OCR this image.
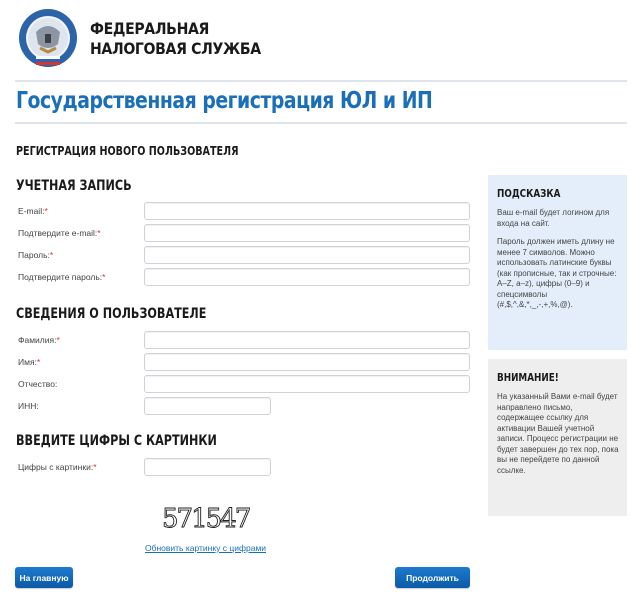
ФЕДЕРАЛЬНАЯ
НАЛОГОВАЯ СЛУЖБА
Государственная регистрация ЮЛ и ИП
РЕГИСТРАЦИЯ НОВОГО ПОЛЬЗОВАТЕЛЯ
УЧЕТНАЯ ЗАПИСЬ
E-mail:*
Подтвердите e-mail:*
Пароль:*
Подтвердите пароль:*
СВЕДЕНИЯ О ПОЛЬЗОВАТЕЛЕ
Фамилия:*
Имя:*
Отчество:
ИНН:
ВВЕДИТЕ ЦИФРЫ С КАРТИНКИ
Цифры с картинки:*
571547
Обновить картинку с цифрами
На главную	Продолжить
ПОДСКАЗКА

Ваш e-mail будет логином для входа на сайт.

Пароль должен иметь длину не менее 7 символов. Можно использовать латинские буквы (как прописные, так и строчные: A–Z, a–z), цифры (0–9) и спецсимволы (#,$,^,&,*,_,-,+,%,@).

ВНИМАНИЕ!
На указанный Вами e-mail будет направлено письмо, содержащее ссылку для активации Вашей учетной записи. Процесс регистрации не будет завершен до тех пор, пока вы не перейдете по данной ссылке.
